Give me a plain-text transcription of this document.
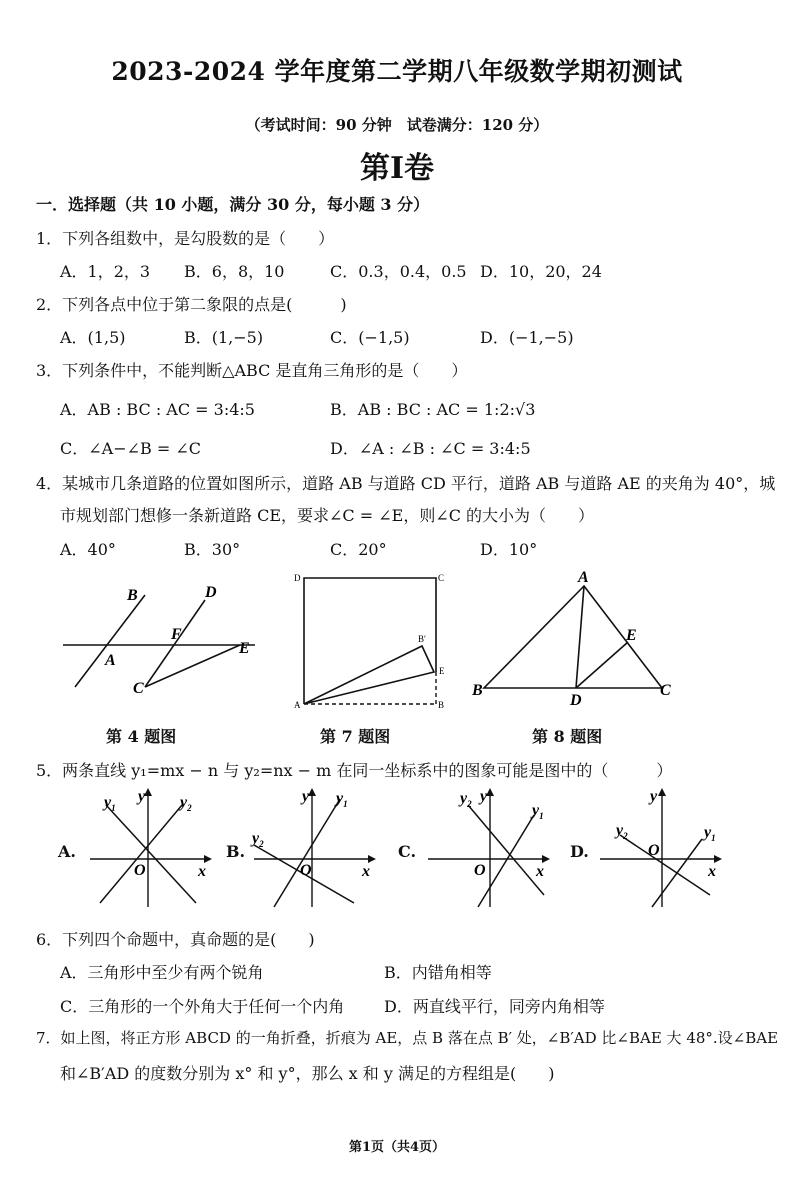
2023-2024 学年度第二学期八年级数学期初测试
（考试时间：90 分钟　试卷满分：120 分）
第Ⅰ卷
一．选择题（共 10 小题，满分 30 分，每小题 3 分）
1．下列各组数中，是勾股数的是（　　）
A．1，2，3 B．6，8，10	C．0.3，0.4，0.5 D．10，20，24
2．下列各点中位于第二象限的点是(　　　)
A．(1,5)	B．(1,−5)	C．(−1,5)	D．(−1,−5)
3．下列条件中，不能判断△ABC 是直角三角形的是（　　）
A．AB : BC : AC = 3:4:5	B．AB : BC : AC = 1:2:√3
C．∠A−∠B = ∠C	D．∠A : ∠B : ∠C = 3:4:5
4．某城市几条道路的位置如图所示，道路 AB 与道路 CD 平行，道路 AB 与道路 AE 的夹角为 40°，城
市规划部门想修一条新道路 CE，要求∠C = ∠E，则∠C 的大小为（　　）
A．40°	B．30°	C．20°	D．10°
B	D
F
A
E
C
第 4 题图
D	C
B′
E
A	B
第 7 题图
A
E
B
D
C
第 8 题图
5．两条直线 y₁=mx − n 与 y₂=nx − m 在同一坐标系中的图象可能是图中的（　　　）
A.
O	x
y
$y_1$	$y_2$
B.
O	x
y $y_1$
$y_2$	C.
O	x
y
$y_2$	$y_1$
D.	O
x
y
$y_2$	$y_1$
6．下列四个命题中，真命题的是(　　)
A．三角形中至少有两个锐角	B．内错角相等
C．三角形的一个外角大于任何一个内角 D．两直线平行，同旁内角相等
7．如上图，将正方形 ABCD 的一角折叠，折痕为 AE，点 B 落在点 B′ 处，∠B′AD 比∠BAE 大 48°.设∠BAE
和∠B′AD 的度数分别为 x° 和 y°，那么 x 和 y 满足的方程组是(　　)
第1页（共4页）
